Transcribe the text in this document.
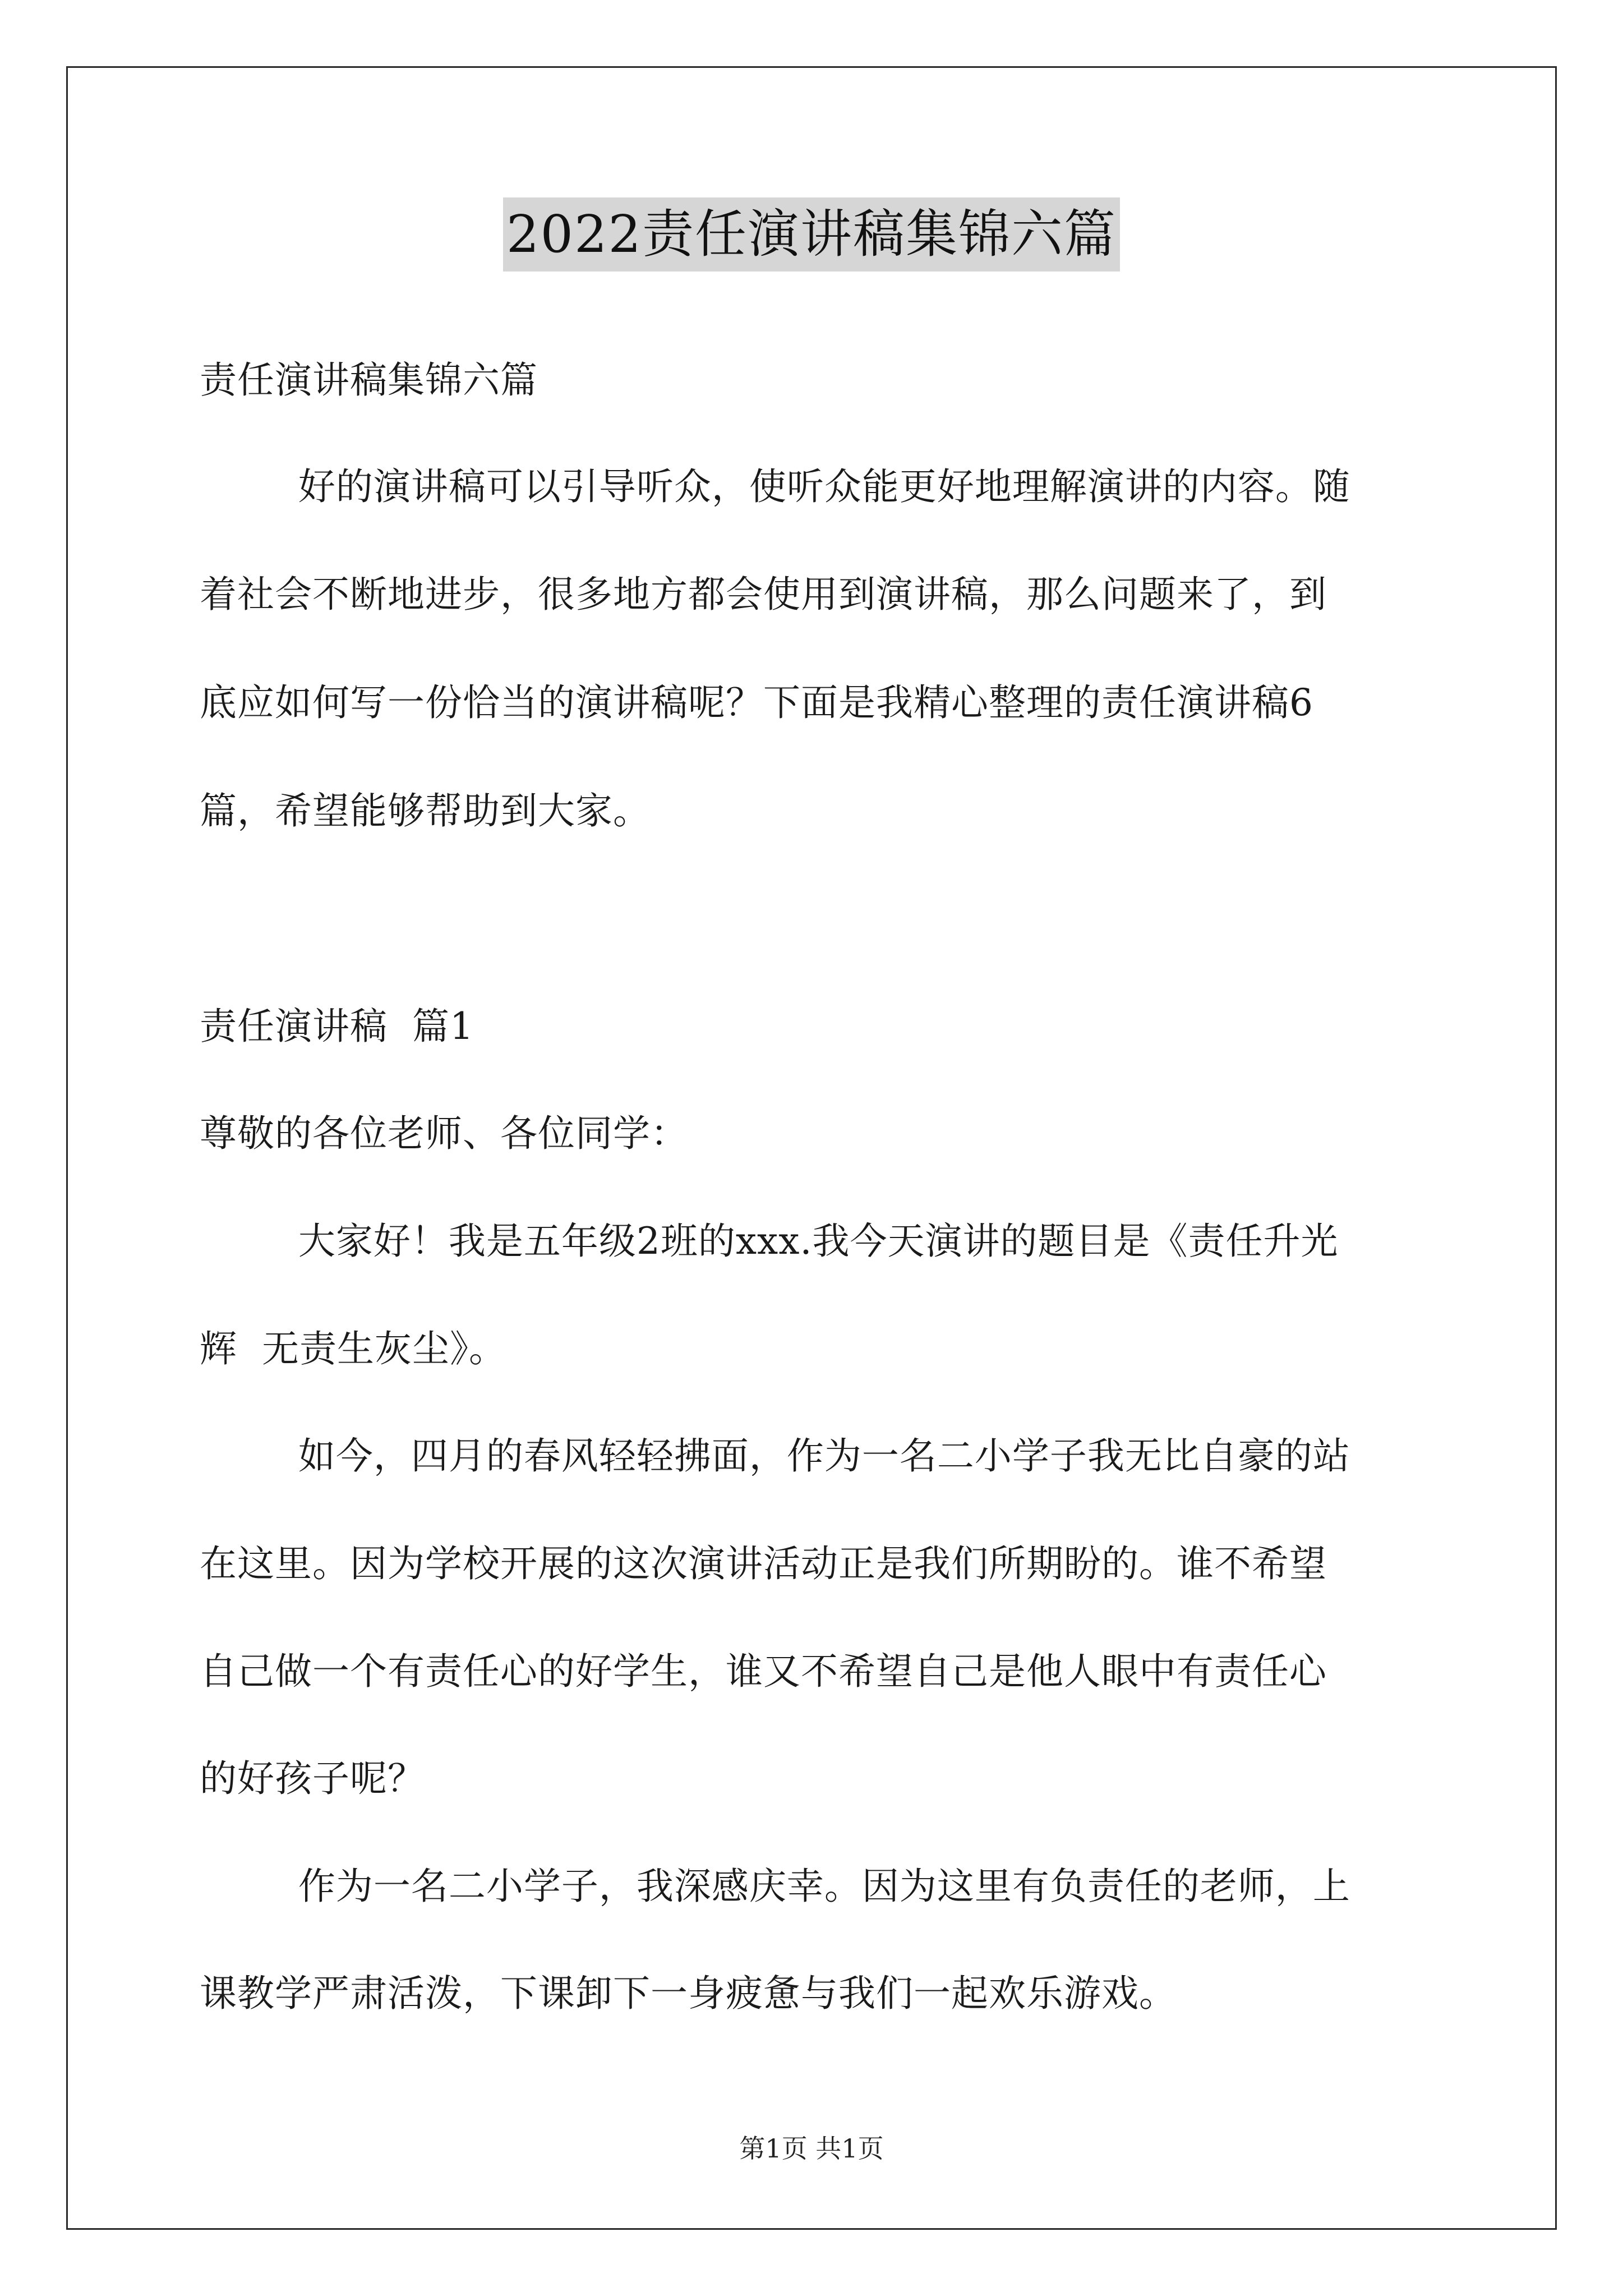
2022责任演讲稿集锦六篇

责任演讲稿集锦六篇

好的演讲稿可以引导听众，使听众能更好地理解演讲的内容。随

着社会不断地进步，很多地方都会使用到演讲稿，那么问题来了，到

底应如何写一份恰当的演讲稿呢？下面是我精心整理的责任演讲稿6

篇，希望能够帮助到大家。

责任演讲稿  篇1

尊敬的各位老师、各位同学：

大家好！我是五年级2班的xxx.我今天演讲的题目是《责任升光

辉  无责生灰尘》。

如今，四月的春风轻轻拂面，作为一名二小学子我无比自豪的站

在这里。因为学校开展的这次演讲活动正是我们所期盼的。谁不希望

自己做一个有责任心的好学生，谁又不希望自己是他人眼中有责任心

的好孩子呢？

作为一名二小学子，我深感庆幸。因为这里有负责任的老师，上

课教学严肃活泼，下课卸下一身疲惫与我们一起欢乐游戏。

第1页 共1页
